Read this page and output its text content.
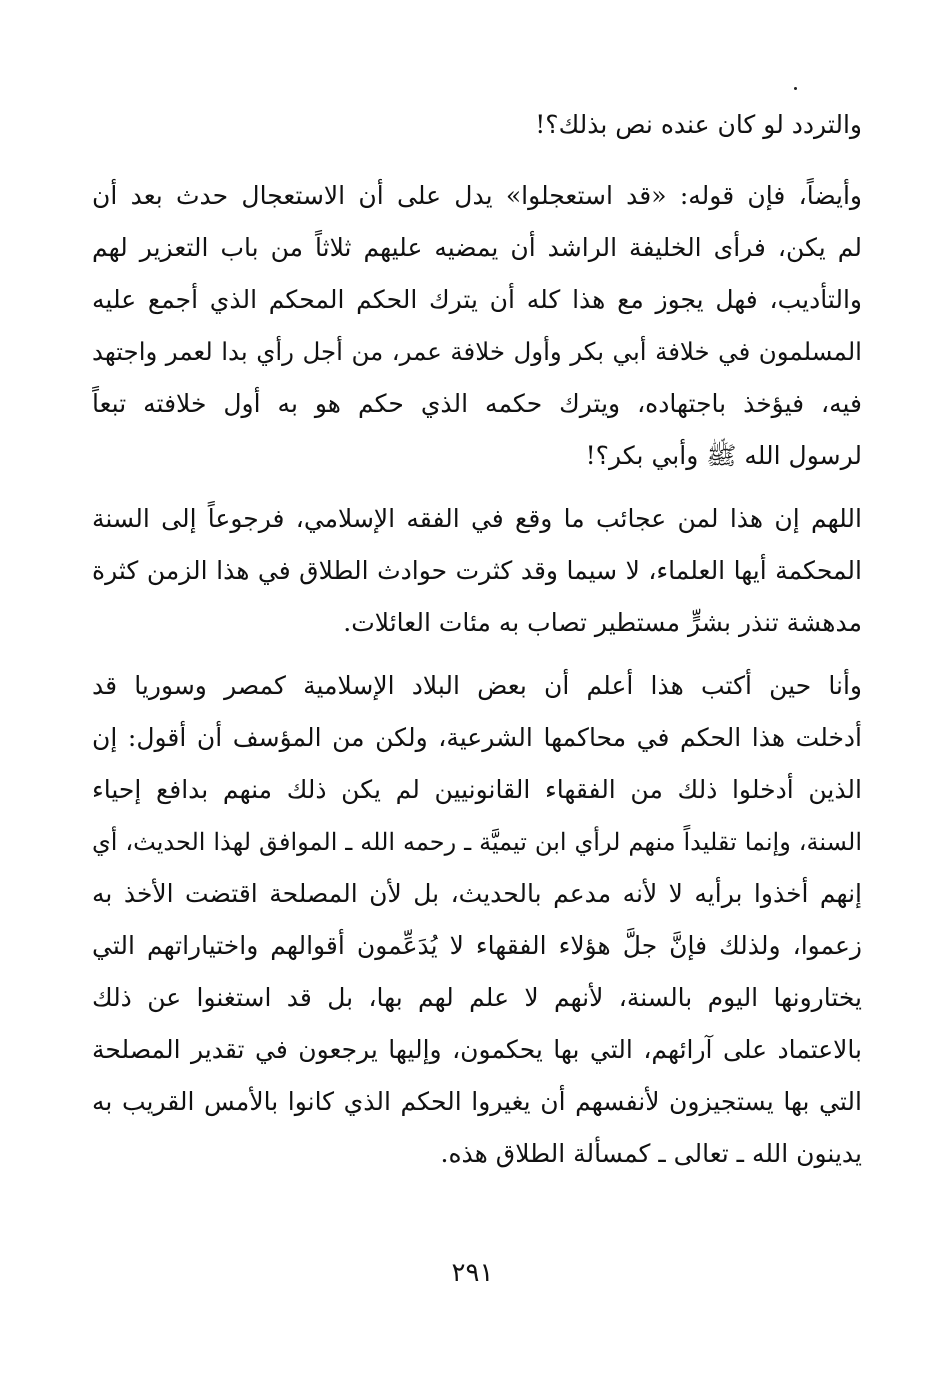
والتردد لو كان عنده نص بذلك؟!
وأيضاً، فإن قوله: «قد استعجلوا» يدل على أن الاستعجال حدث بعد أن
لم يكن، فرأى الخليفة الراشد أن يمضيه عليهم ثلاثاً من باب التعزير لهم
والتأديب، فهل يجوز مع هذا كله أن يترك الحكم المحكم الذي أجمع عليه
المسلمون في خلافة أبي بكر وأول خلافة عمر، من أجل رأي بدا لعمر واجتهد
فيه، فيؤخذ باجتهاده، ويترك حكمه الذي حكم هو به أول خلافته تبعاً
لرسول الله ﷺ وأبي بكر؟!
اللهم إن هذا لمن عجائب ما وقع في الفقه الإسلامي، فرجوعاً إلى السنة
المحكمة أيها العلماء، لا سيما وقد كثرت حوادث الطلاق في هذا الزمن كثرة
مدهشة تنذر بشرٍّ مستطير تصاب به مئات العائلات.
وأنا حين أكتب هذا أعلم أن بعض البلاد الإسلامية كمصر وسوريا قد
أدخلت هذا الحكم في محاكمها الشرعية، ولكن من المؤسف أن أقول: إن
الذين أدخلوا ذلك من الفقهاء القانونيين لم يكن ذلك منهم بدافع إحياء
السنة، وإنما تقليداً منهم لرأي ابن تيميَّة ـ رحمه الله ـ الموافق لهذا الحديث، أي
إنهم أخذوا برأيه لا لأنه مدعم بالحديث، بل لأن المصلحة اقتضت الأخذ به
زعموا، ولذلك فإنَّ جلَّ هؤلاء الفقهاء لا يُدَعِّمون أقوالهم واختياراتهم التي
يختارونها اليوم بالسنة، لأنهم لا علم لهم بها، بل قد استغنوا عن ذلك
بالاعتماد على آرائهم، التي بها يحكمون، وإليها يرجعون في تقدير المصلحة
التي بها يستجيزون لأنفسهم أن يغيروا الحكم الذي كانوا بالأمس القريب به
يدينون الله ـ تعالى ـ كمسألة الطلاق هذه.
٢٩١
